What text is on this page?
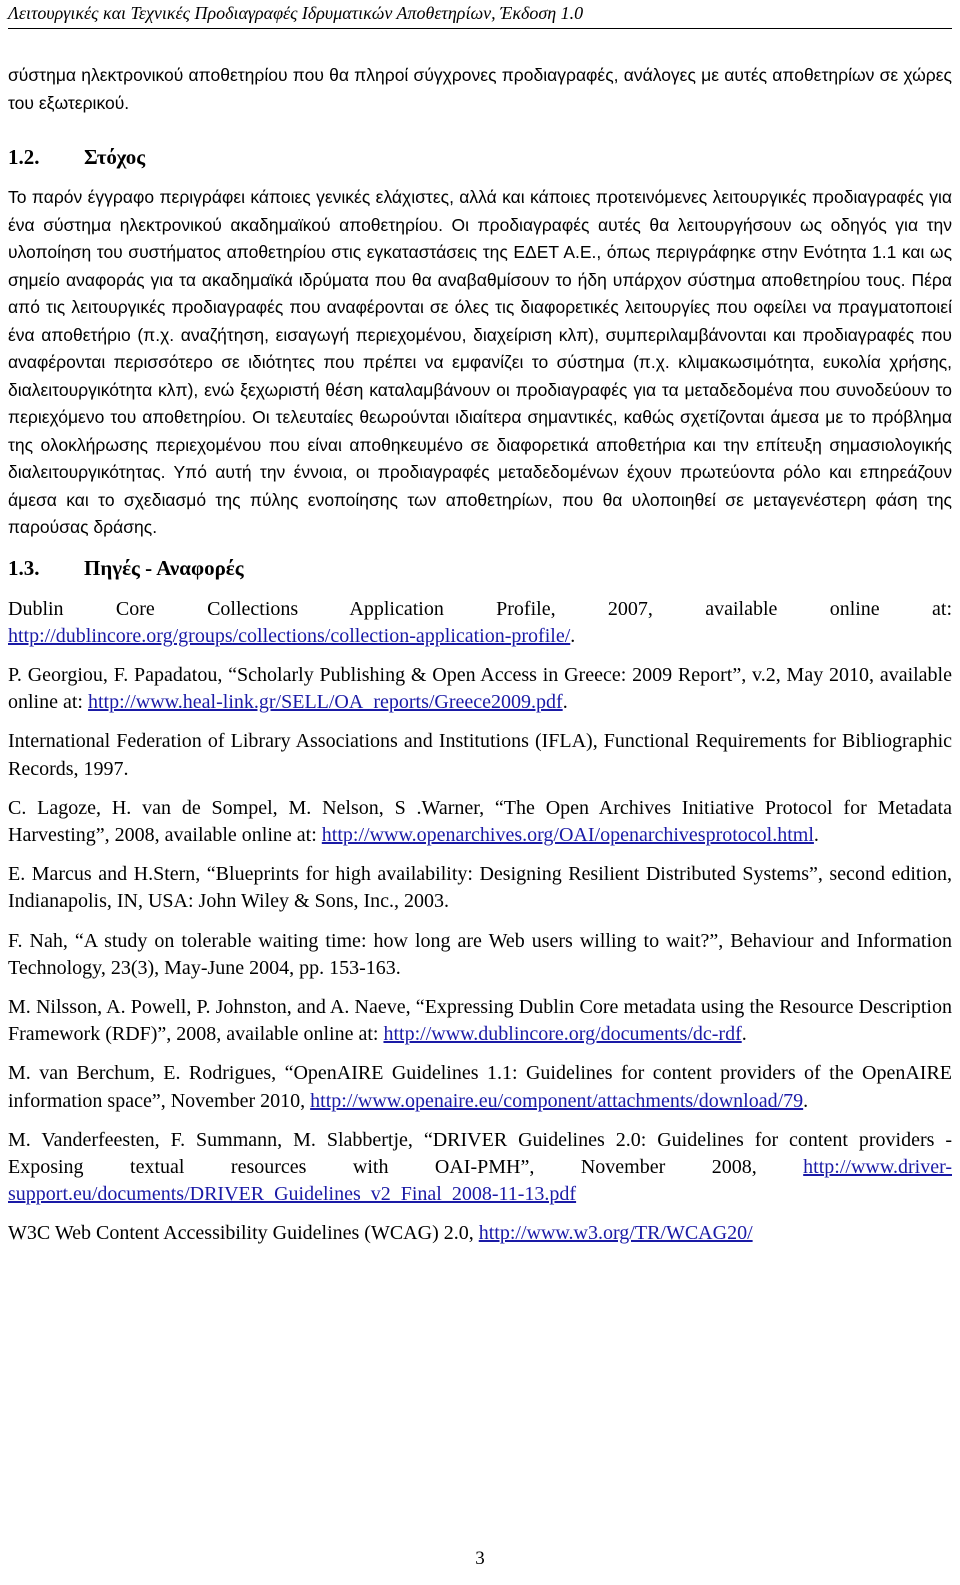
Λειτουργικές και Τεχνικές Προδιαγραφές Ιδρυματικών Αποθετηρίων, Έκδοση 1.0

σύστημα ηλεκτρονικού αποθετηρίου που θα πληροί σύγχρονες προδιαγραφές, ανάλογες με αυτές αποθετηρίων σε χώρες του εξωτερικού.

1.2. Στόχος

Το παρόν έγγραφο περιγράφει κάποιες γενικές ελάχιστες, αλλά και κάποιες προτεινόμενες λειτουργικές προδιαγραφές για ένα σύστημα ηλεκτρονικού ακαδημαϊκού αποθετηρίου. Οι προδιαγραφές αυτές θα λειτουργήσουν ως οδηγός για την υλοποίηση του συστήματος αποθετηρίου στις εγκαταστάσεις της ΕΔΕΤ Α.Ε., όπως περιγράφηκε στην Ενότητα 1.1 και ως σημείο αναφοράς για τα ακαδημαϊκά ιδρύματα που θα αναβαθμίσουν το ήδη υπάρχον σύστημα αποθετηρίου τους. Πέρα από τις λειτουργικές προδιαγραφές που αναφέρονται σε όλες τις διαφορετικές λειτουργίες που οφείλει να πραγματοποιεί ένα αποθετήριο (π.χ. αναζήτηση, εισαγωγή περιεχομένου, διαχείριση κλπ), συμπεριλαμβάνονται και προδιαγραφές που αναφέρονται περισσότερο σε ιδιότητες που πρέπει να εμφανίζει το σύστημα (π.χ. κλιμακωσιμότητα, ευκολία χρήσης, διαλειτουργικότητα κλπ), ενώ ξεχωριστή θέση καταλαμβάνουν οι προδιαγραφές για τα μεταδεδομένα που συνοδεύουν το περιεχόμενο του αποθετηρίου. Οι τελευταίες θεωρούνται ιδιαίτερα σημαντικές, καθώς σχετίζονται άμεσα με το πρόβλημα της ολοκλήρωσης περιεχομένου που είναι αποθηκευμένο σε διαφορετικά αποθετήρια και την επίτευξη σημασιολογικής διαλειτουργικότητας. Υπό αυτή την έννοια, οι προδιαγραφές μεταδεδομένων έχουν πρωτεύοντα ρόλο και επηρεάζουν άμεσα και το σχεδιασμό της πύλης ενοποίησης των αποθετηρίων, που θα υλοποιηθεί σε μεταγενέστερη φάση της παρούσας δράσης.

1.3. Πηγές - Αναφορές

Dublin Core Collections Application Profile, 2007, available online at: http://dublincore.org/groups/collections/collection-application-profile/.

P. Georgiou, F. Papadatou, “Scholarly Publishing & Open Access in Greece: 2009 Report”, v.2, May 2010, available online at: http://www.heal-link.gr/SELL/OA_reports/Greece2009.pdf.

International Federation of Library Associations and Institutions (IFLA), Functional Requirements for Bibliographic Records, 1997.

C. Lagoze, H. van de Sompel, M. Nelson, S .Warner, “The Open Archives Initiative Protocol for Metadata Harvesting”, 2008, available online at: http://www.openarchives.org/OAI/openarchivesprotocol.html.

E. Marcus and H.Stern, “Blueprints for high availability: Designing Resilient Distributed Systems”, second edition, Indianapolis, IN, USA: John Wiley & Sons, Inc., 2003.

F. Nah, “A study on tolerable waiting time: how long are Web users willing to wait?”, Behaviour and Information Technology, 23(3), May-June 2004, pp. 153-163.

M. Nilsson, A. Powell, P. Johnston, and A. Naeve, “Expressing Dublin Core metadata using the Resource Description Framework (RDF)”, 2008, available online at: http://www.dublincore.org/documents/dc-rdf.

M. van Berchum, E. Rodrigues, “OpenAIRE Guidelines 1.1: Guidelines for content providers of the OpenAIRE information space”, November 2010, http://www.openaire.eu/component/attachments/download/79.

M. Vanderfeesten, F. Summann, M. Slabbertje, “DRIVER Guidelines 2.0: Guidelines for content providers - Exposing textual resources with OAI-PMH”, November 2008, http://www.driver-support.eu/documents/DRIVER_Guidelines_v2_Final_2008-11-13.pdf

W3C Web Content Accessibility Guidelines (WCAG) 2.0, http://www.w3.org/TR/WCAG20/

3
